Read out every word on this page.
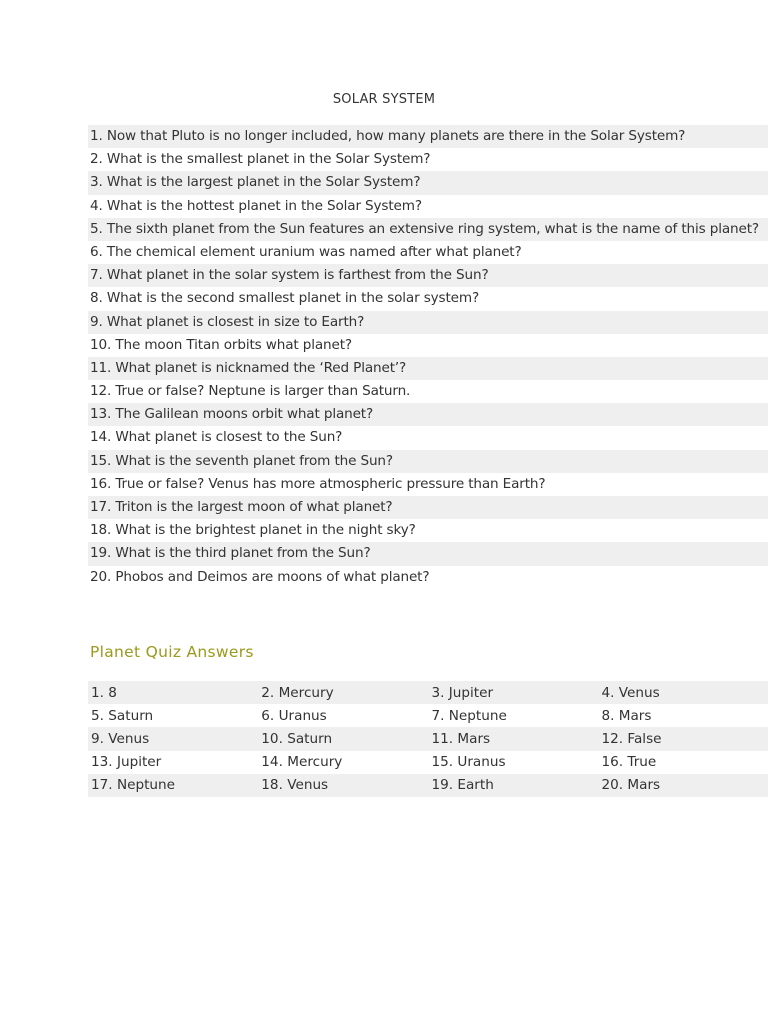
SOLAR SYSTEM
1. Now that Pluto is no longer included, how many planets are there in the Solar System?
2. What is the smallest planet in the Solar System?
3. What is the largest planet in the Solar System?
4. What is the hottest planet in the Solar System?
5. The sixth planet from the Sun features an extensive ring system, what is the name of this planet?
6. The chemical element uranium was named after what planet?
7. What planet in the solar system is farthest from the Sun?
8. What is the second smallest planet in the solar system?
9. What planet is closest in size to Earth?
10. The moon Titan orbits what planet?
11. What planet is nicknamed the ‘Red Planet’?
12. True or false? Neptune is larger than Saturn.
13. The Galilean moons orbit what planet?
14. What planet is closest to the Sun?
15. What is the seventh planet from the Sun?
16. True or false? Venus has more atmospheric pressure than Earth?
17. Triton is the largest moon of what planet?
18. What is the brightest planet in the night sky?
19. What is the third planet from the Sun?
20. Phobos and Deimos are moons of what planet?
Planet Quiz Answers
1. 8	2. Mercury	3. Jupiter	4. Venus
5. Saturn	6. Uranus	7. Neptune	8. Mars
9. Venus	10. Saturn	11. Mars	12. False
13. Jupiter	14. Mercury	15. Uranus	16. True
17. Neptune	18. Venus	19. Earth	20. Mars
